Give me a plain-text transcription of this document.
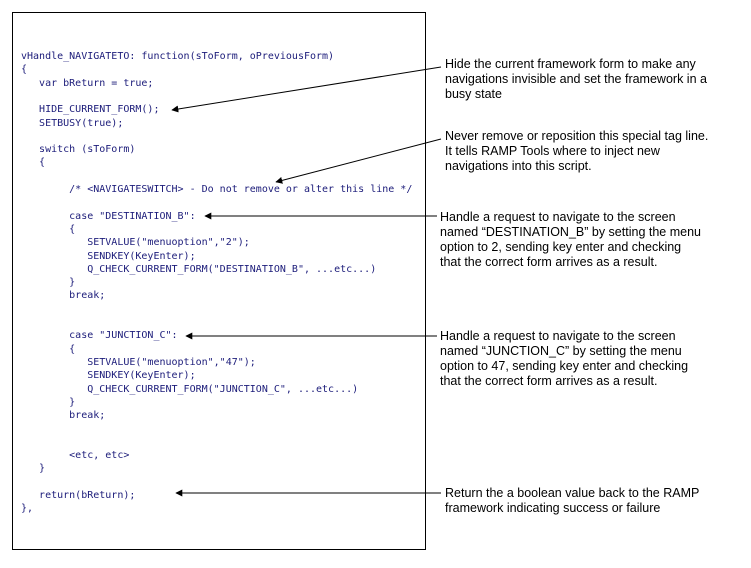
vHandle_NAVIGATETO: function(sToForm, oPreviousForm)
{
var bReturn = true;
HIDE_CURRENT_FORM();
SETBUSY(true);
switch (sToForm)
{
/* <NAVIGATESWITCH> - Do not remove or alter this line */
case "DESTINATION_B":
{
SETVALUE("menuoption","2");
SENDKEY(KeyEnter);
Q_CHECK_CURRENT_FORM("DESTINATION_B", ...etc...)
}
break;
case "JUNCTION_C":
{
SETVALUE("menuoption","47");
SENDKEY(KeyEnter);
Q_CHECK_CURRENT_FORM("JUNCTION_C", ...etc...)
}
break;
<etc, etc>
}
return(bReturn);
},
Hide the current framework form to make any
navigations invisible and set the framework in a
busy state
Never remove or reposition this special tag line.
It tells RAMP Tools where to inject new
navigations into this script.
Handle a request to navigate to the screen
named “DESTINATION_B” by setting the menu
option to 2, sending key enter and checking
that the correct form arrives as a result.
Handle a request to navigate to the screen
named “JUNCTION_C” by setting the menu
option to 47, sending key enter and checking
that the correct form arrives as a result.
Return the a boolean value back to the RAMP
framework indicating success or failure
